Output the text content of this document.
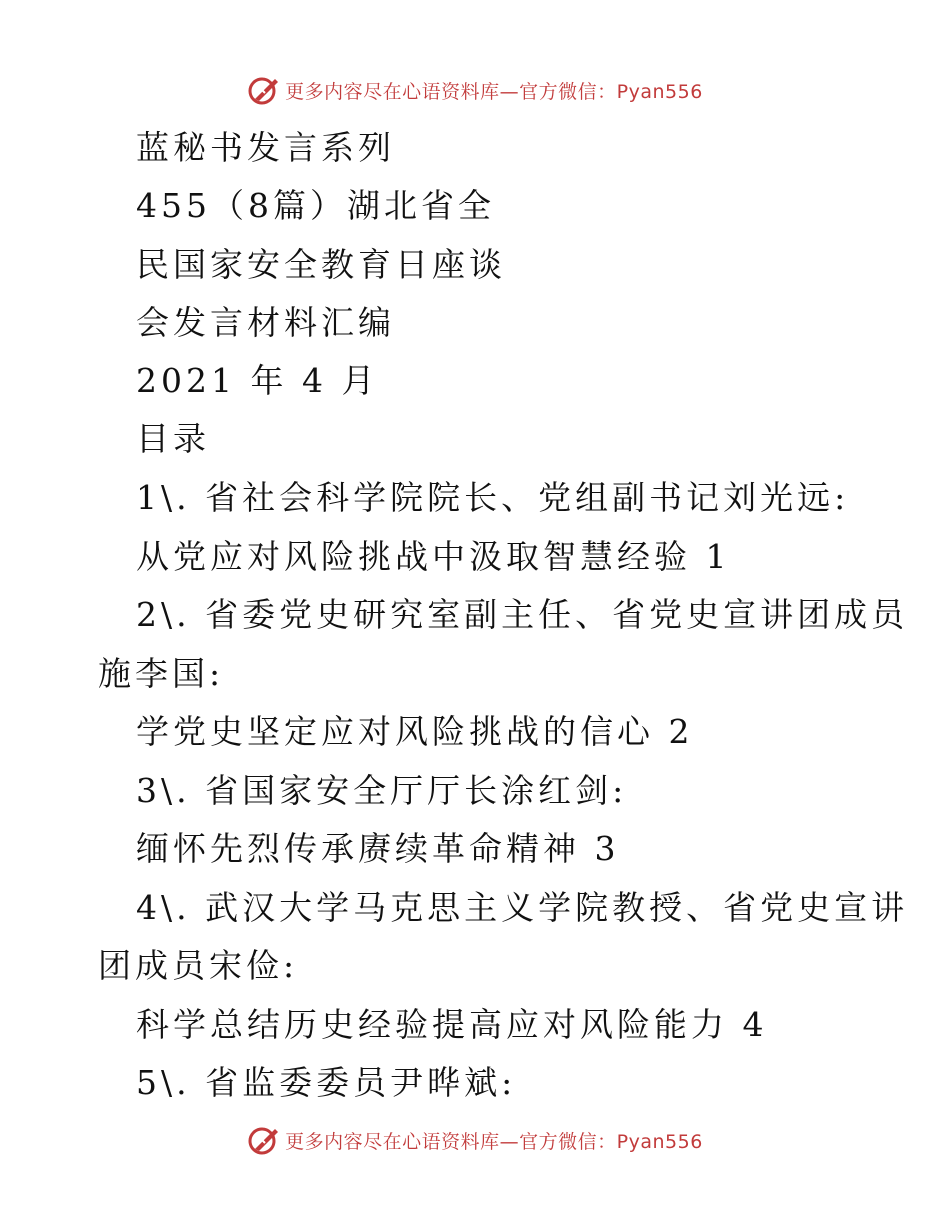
更多内容尽在心语资料库—官方微信：Pyan556
蓝秘书发言系列
455（8篇）湖北省全
民国家安全教育日座谈
会发言材料汇编
2021 年 4 月
目录
1\. 省社会科学院院长、党组副书记刘光远:
从党应对风险挑战中汲取智慧经验 1
2\. 省委党史研究室副主任、省党史宣讲团成员
施李国:
学党史坚定应对风险挑战的信心 2
3\. 省国家安全厅厅长涂红剑:
缅怀先烈传承赓续革命精神 3
4\. 武汉大学马克思主义学院教授、省党史宣讲
团成员宋俭:
科学总结历史经验提高应对风险能力 4
5\. 省监委委员尹晔斌:
更多内容尽在心语资料库—官方微信：Pyan556
